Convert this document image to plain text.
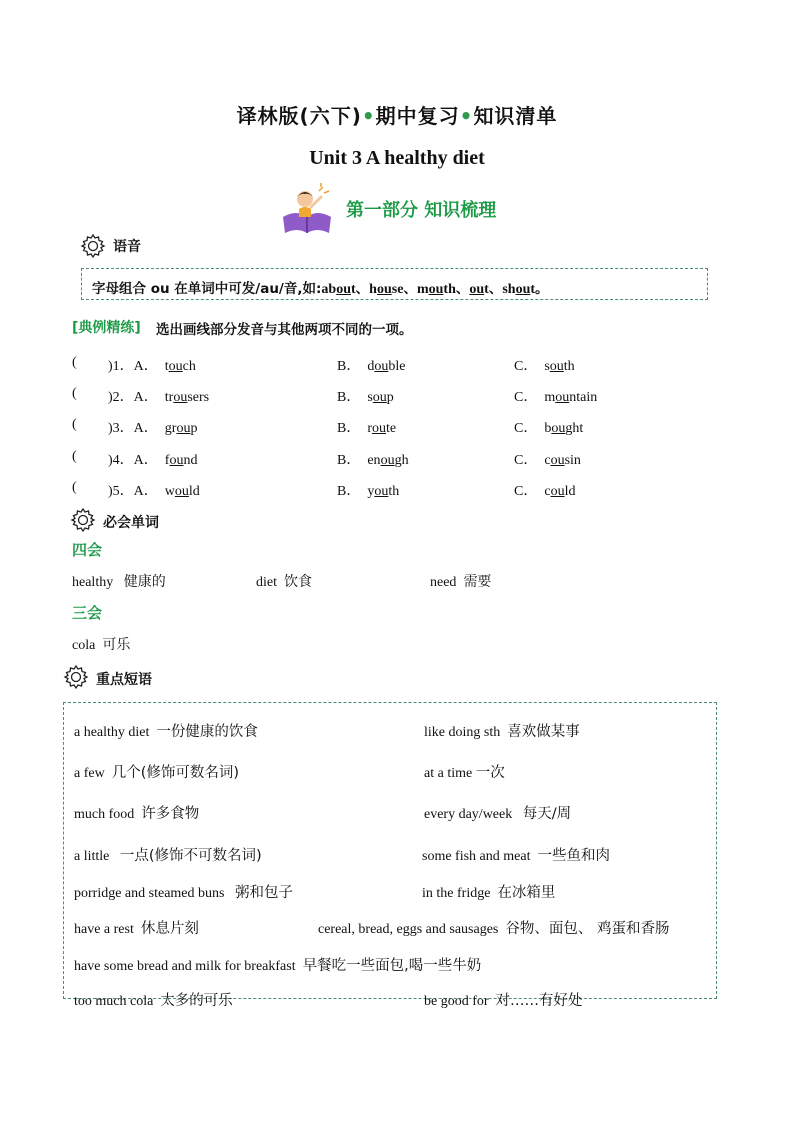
译林版(六下)•期中复习•知识清单
Unit 3 A healthy diet
第一部分 知识梳理
语音
字母组合 ou 在单词中可发/au/音,如:about、house、mouth、out、shout。
[典例精练] 选出画线部分发音与其他两项不同的一项。
( )1．A． touch	B． double	C． south
( )2．A． trousers	B． soup	C． mountain
( )3．A． group	B． route	C． bought
( )4．A． found	B． enough	C． cousin
( )5．A． would	B． youth	C． could
必会单词
四会
healthy 健康的	diet 饮食	need 需要
三会
cola 可乐
重点短语
a healthy diet 一份健康的饮食	like doing sth 喜欢做某事
a few 几个(修饰可数名词)	at a time 一次
much food 许多食物	every day/week 每天/周
a little 一点(修饰不可数名词)	some fish and meat 一些鱼和肉
porridge and steamed buns 粥和包子	in the fridge 在冰箱里
have a rest 休息片刻	cereal, bread, eggs and sausages 谷物、面包、 鸡蛋和香肠
have some bread and milk for breakfast 早餐吃一些面包,喝一些牛奶
too much cola 太多的可乐	be good for 对……有好处
